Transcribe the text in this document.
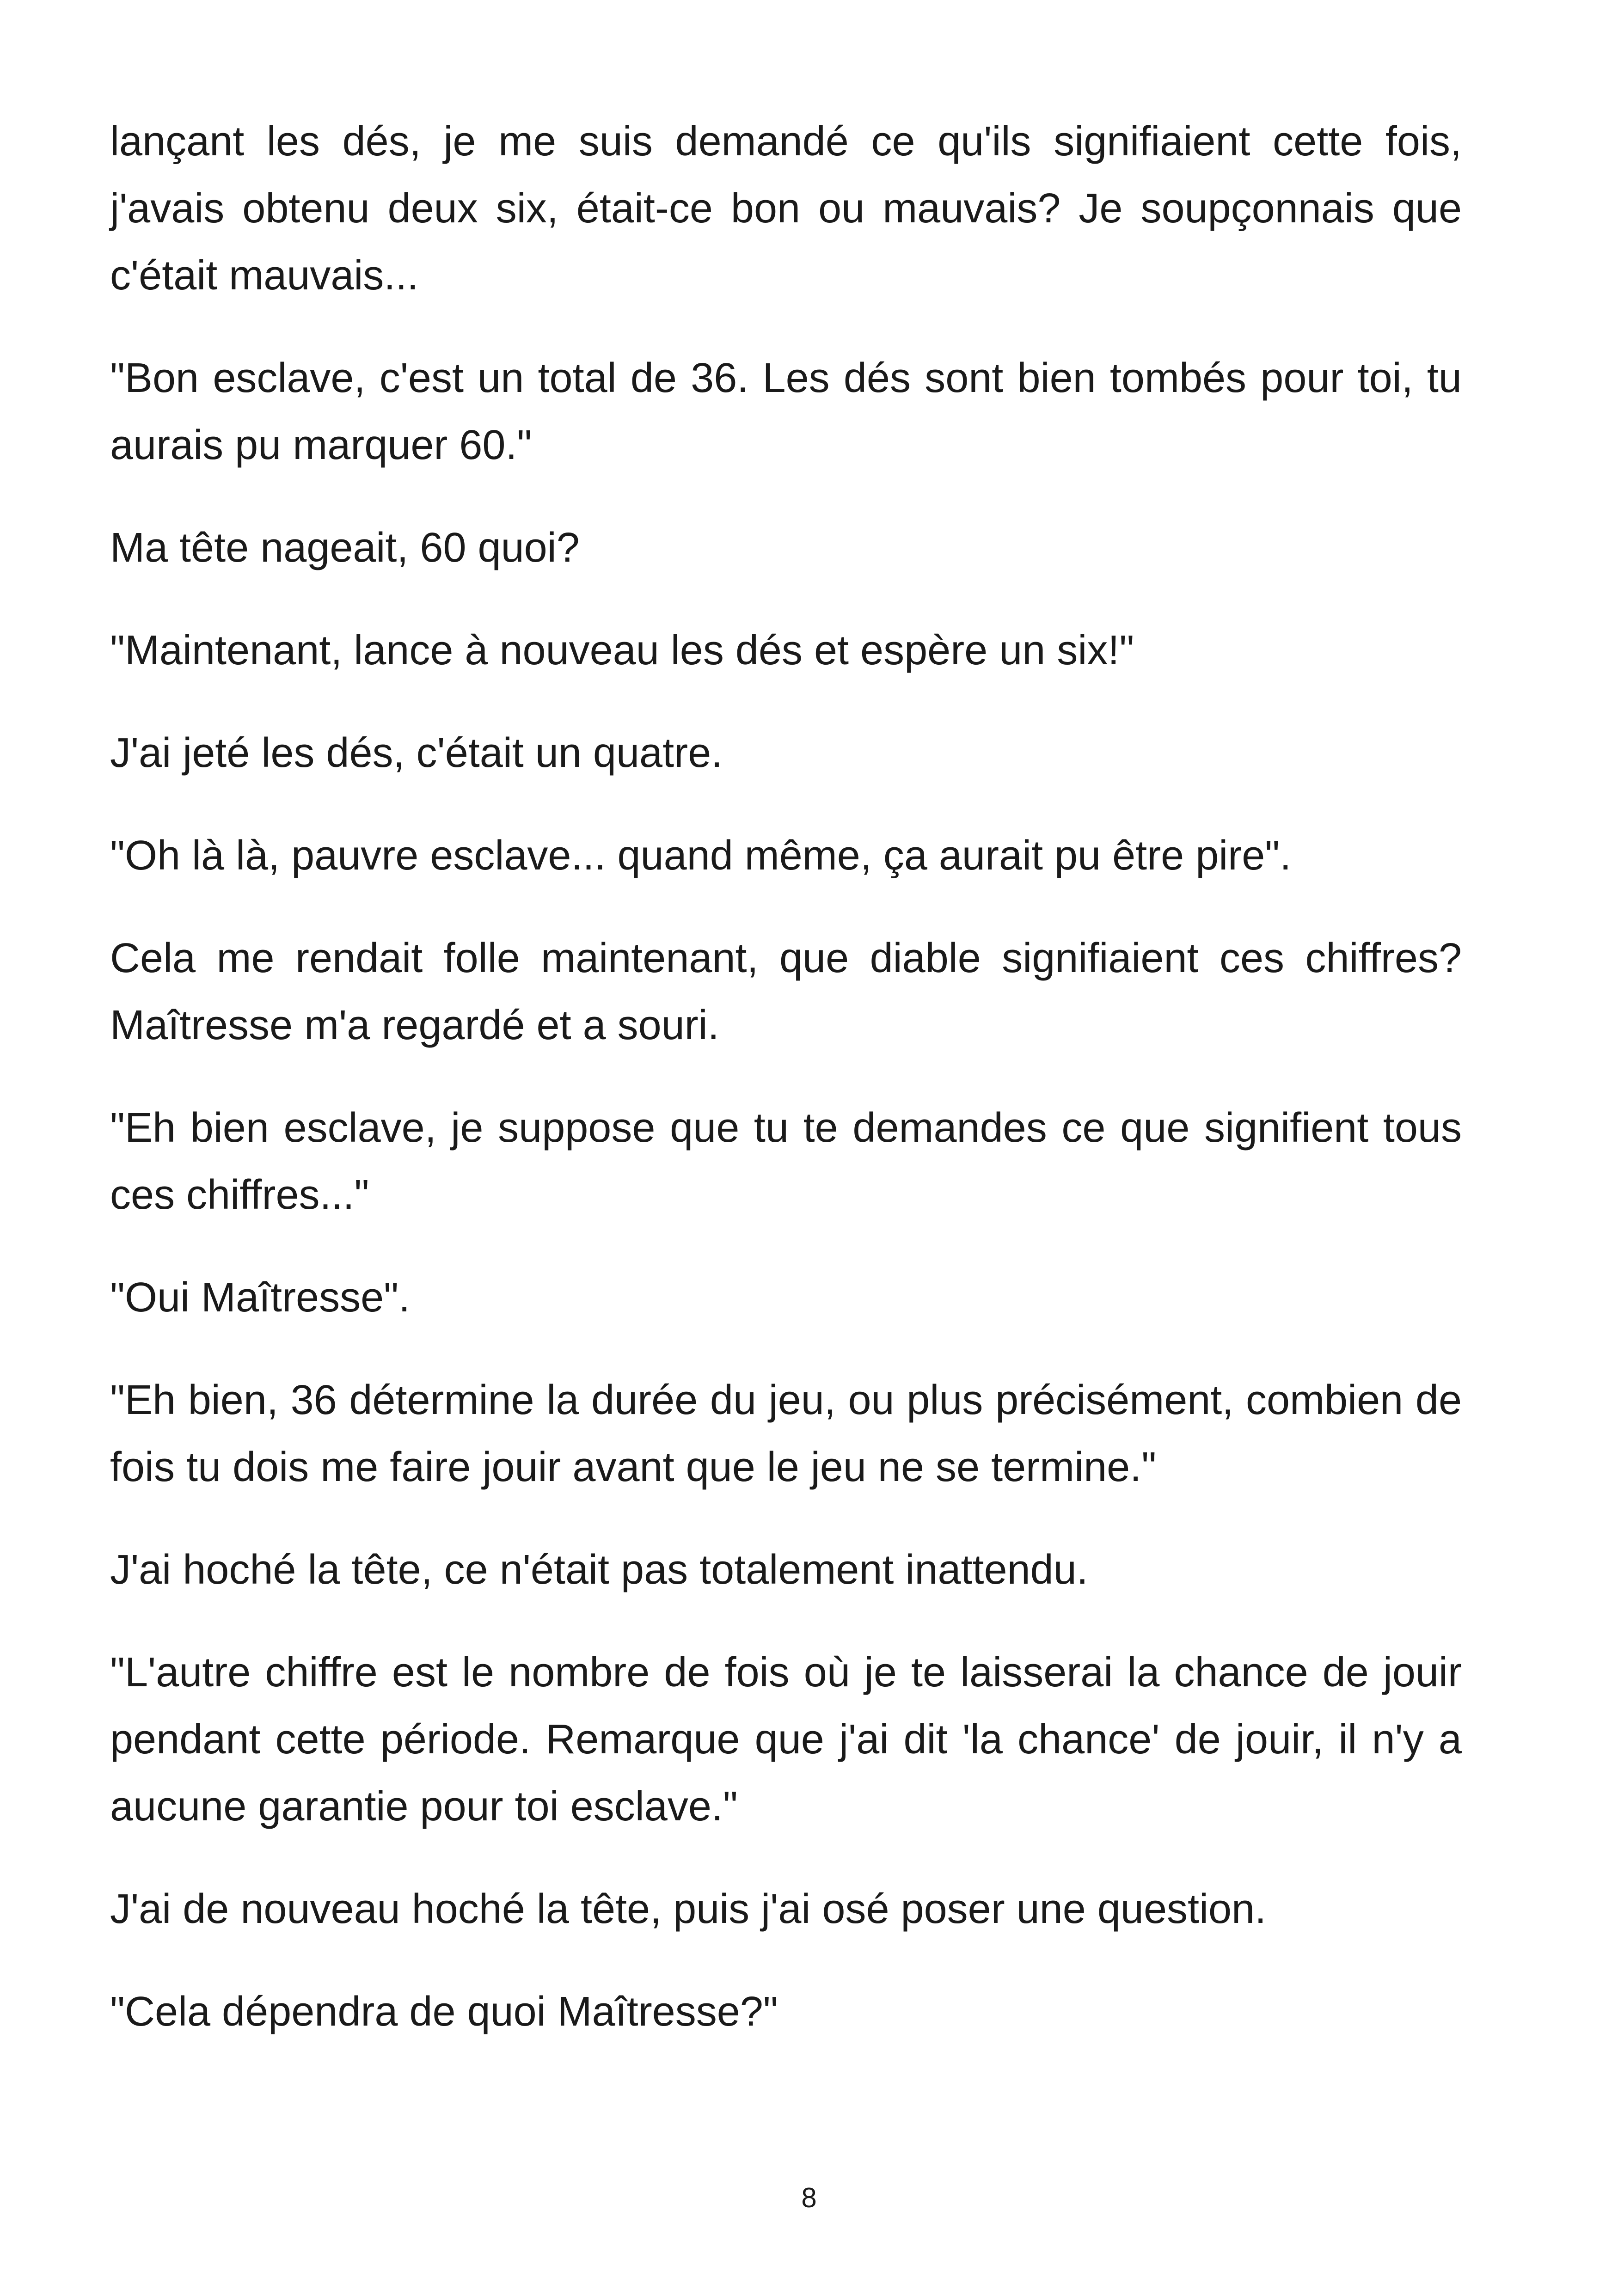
lançant les dés, je me suis demandé ce qu'ils signifiaient cette fois, j'avais obtenu deux six, était-ce bon ou mauvais? Je soupçonnais que c'était mauvais...

"Bon esclave, c'est un total de 36. Les dés sont bien tombés pour toi, tu aurais pu marquer 60."

Ma tête nageait, 60 quoi?

"Maintenant, lance à nouveau les dés et espère un six!"

J'ai jeté les dés, c'était un quatre.

"Oh là là, pauvre esclave... quand même, ça aurait pu être pire".

Cela me rendait folle maintenant, que diable signifiaient ces chiffres? Maîtresse m'a regardé et a souri.

"Eh bien esclave, je suppose que tu te demandes ce que signifient tous ces chiffres..."

"Oui Maîtresse".

"Eh bien, 36 détermine la durée du jeu, ou plus précisément, combien de fois tu dois me faire jouir avant que le jeu ne se termine."

J'ai hoché la tête, ce n'était pas totalement inattendu.

"L'autre chiffre est le nombre de fois où je te laisserai la chance de jouir pendant cette période. Remarque que j'ai dit 'la chance' de jouir, il n'y a aucune garantie pour toi esclave."

J'ai de nouveau hoché la tête, puis j'ai osé poser une question.

"Cela dépendra de quoi Maîtresse?"

8
